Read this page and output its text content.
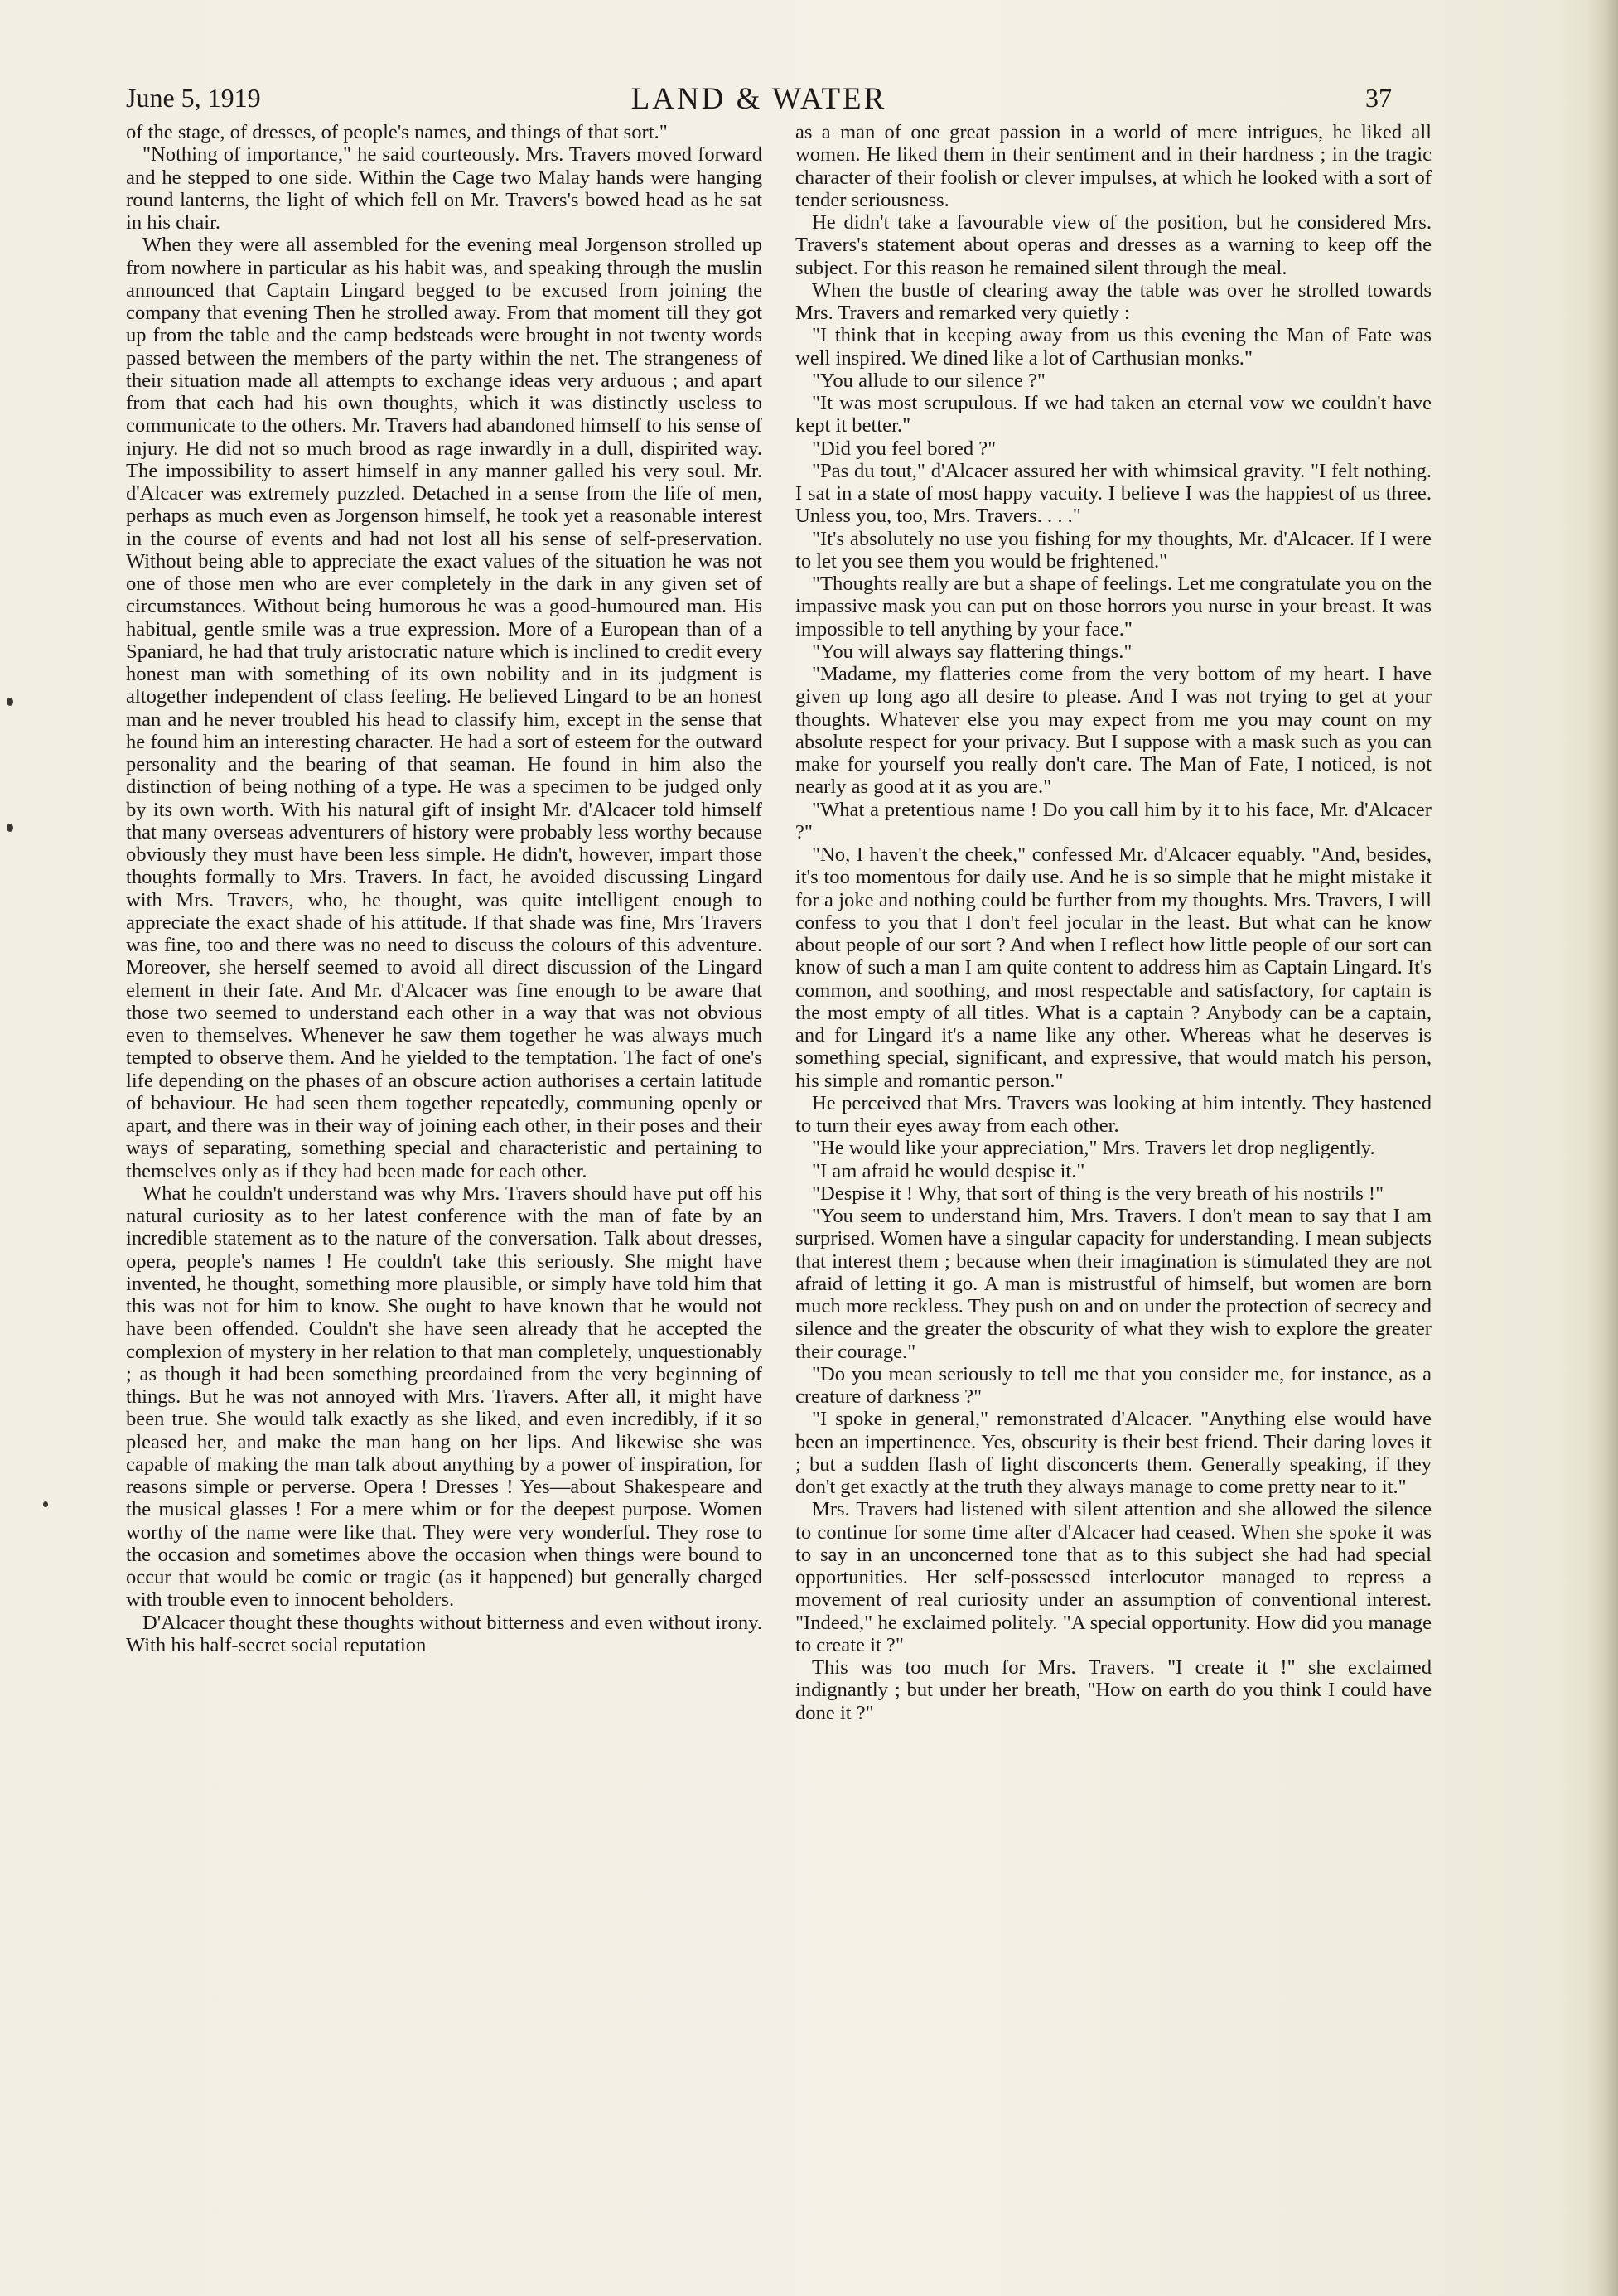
June 5, 1919	LAND & WATER	37

of the stage, of dresses, of people's names, and things of that sort."

"Nothing of importance," he said courteously. Mrs. Travers moved forward and he stepped to one side. Within the Cage two Malay hands were hanging round lanterns, the light of which fell on Mr. Travers's bowed head as he sat in his chair.

When they were all assembled for the evening meal Jorgenson strolled up from nowhere in particular as his habit was, and speaking through the muslin announced that Captain Lingard begged to be excused from joining the company that evening Then he strolled away. From that moment till they got up from the table and the camp bedsteads were brought in not twenty words passed between the members of the party within the net. The strangeness of their situation made all attempts to exchange ideas very arduous ; and apart from that each had his own thoughts, which it was distinctly useless to communicate to the others. Mr. Travers had abandoned himself to his sense of injury. He did not so much brood as rage inwardly in a dull, dispirited way. The impossibility to assert himself in any manner galled his very soul. Mr. d'Alcacer was extremely puzzled. Detached in a sense from the life of men, perhaps as much even as Jorgenson himself, he took yet a reasonable interest in the course of events and had not lost all his sense of self-preservation. Without being able to appreciate the exact values of the situation he was not one of those men who are ever completely in the dark in any given set of circumstances. Without being humorous he was a good-humoured man. His habitual, gentle smile was a true expression. More of a European than of a Spaniard, he had that truly aristocratic nature which is inclined to credit every honest man with something of its own nobility and in its judgment is altogether independent of class feeling. He believed Lingard to be an honest man and he never troubled his head to classify him, except in the sense that he found him an interesting character. He had a sort of esteem for the outward personality and the bearing of that seaman. He found in him also the distinction of being nothing of a type. He was a specimen to be judged only by its own worth. With his natural gift of insight Mr. d'Alcacer told himself that many overseas adventurers of history were probably less worthy because obviously they must have been less simple. He didn't, however, impart those thoughts formally to Mrs. Travers. In fact, he avoided discussing Lingard with Mrs. Travers, who, he thought, was quite intelligent enough to appreciate the exact shade of his attitude. If that shade was fine, Mrs Travers was fine, too and there was no need to discuss the colours of this adventure. Moreover, she herself seemed to avoid all direct discussion of the Lingard element in their fate. And Mr. d'Alcacer was fine enough to be aware that those two seemed to understand each other in a way that was not obvious even to themselves. Whenever he saw them together he was always much tempted to observe them. And he yielded to the temptation. The fact of one's life depending on the phases of an obscure action authorises a certain latitude of behaviour. He had seen them together repeatedly, communing openly or apart, and there was in their way of joining each other, in their poses and their ways of separating, something special and characteristic and pertaining to themselves only as if they had been made for each other.

What he couldn't understand was why Mrs. Travers should have put off his natural curiosity as to her latest conference with the man of fate by an incredible statement as to the nature of the conversation. Talk about dresses, opera, people's names ! He couldn't take this seriously. She might have invented, he thought, something more plausible, or simply have told him that this was not for him to know. She ought to have known that he would not have been offended. Couldn't she have seen already that he accepted the complexion of mystery in her relation to that man completely, unquestionably ; as though it had been something preordained from the very beginning of things. But he was not annoyed with Mrs. Travers. After all, it might have been true. She would talk exactly as she liked, and even incredibly, if it so pleased her, and make the man hang on her lips. And likewise she was capable of making the man talk about anything by a power of inspiration, for reasons simple or perverse. Opera ! Dresses ! Yes—about Shakespeare and the musical glasses ! For a mere whim or for the deepest purpose. Women worthy of the name were like that. They were very wonderful. They rose to the occasion and sometimes above the occasion when things were bound to occur that would be comic or tragic (as it happened) but generally charged with trouble even to innocent beholders.

D'Alcacer thought these thoughts without bitterness and even without irony. With his half-secret social reputation

as a man of one great passion in a world of mere intrigues, he liked all women. He liked them in their sentiment and in their hardness ; in the tragic character of their foolish or clever impulses, at which he looked with a sort of tender seriousness.

He didn't take a favourable view of the position, but he considered Mrs. Travers's statement about operas and dresses as a warning to keep off the subject. For this reason he remained silent through the meal.

When the bustle of clearing away the table was over he strolled towards Mrs. Travers and remarked very quietly :

"I think that in keeping away from us this evening the Man of Fate was well inspired. We dined like a lot of Carthusian monks."

"You allude to our silence ?"

"It was most scrupulous. If we had taken an eternal vow we couldn't have kept it better."

"Did you feel bored ?"

"Pas du tout," d'Alcacer assured her with whimsical gravity. "I felt nothing. I sat in a state of most happy vacuity. I believe I was the happiest of us three. Unless you, too, Mrs. Travers. . . ."

"It's absolutely no use you fishing for my thoughts, Mr. d'Alcacer. If I were to let you see them you would be frightened."

"Thoughts really are but a shape of feelings. Let me congratulate you on the impassive mask you can put on those horrors you nurse in your breast. It was impossible to tell anything by your face."

"You will always say flattering things."

"Madame, my flatteries come from the very bottom of my heart. I have given up long ago all desire to please. And I was not trying to get at your thoughts. Whatever else you may expect from me you may count on my absolute respect for your privacy. But I suppose with a mask such as you can make for yourself you really don't care. The Man of Fate, I noticed, is not nearly as good at it as you are."

"What a pretentious name ! Do you call him by it to his face, Mr. d'Alcacer ?"

"No, I haven't the cheek," confessed Mr. d'Alcacer equably. "And, besides, it's too momentous for daily use. And he is so simple that he might mistake it for a joke and nothing could be further from my thoughts. Mrs. Travers, I will confess to you that I don't feel jocular in the least. But what can he know about people of our sort ? And when I reflect how little people of our sort can know of such a man I am quite content to address him as Captain Lingard. It's common, and soothing, and most respectable and satisfactory, for captain is the most empty of all titles. What is a captain ? Anybody can be a captain, and for Lingard it's a name like any other. Whereas what he deserves is something special, significant, and expressive, that would match his person, his simple and romantic person."

He perceived that Mrs. Travers was looking at him intently. They hastened to turn their eyes away from each other.

"He would like your appreciation," Mrs. Travers let drop negligently.

"I am afraid he would despise it."

"Despise it ! Why, that sort of thing is the very breath of his nostrils !"

"You seem to understand him, Mrs. Travers. I don't mean to say that I am surprised. Women have a singular capacity for understanding. I mean subjects that interest them ; because when their imagination is stimulated they are not afraid of letting it go. A man is mistrustful of himself, but women are born much more reckless. They push on and on under the protection of secrecy and silence and the greater the obscurity of what they wish to explore the greater their courage."

"Do you mean seriously to tell me that you consider me, for instance, as a creature of darkness ?"

"I spoke in general," remonstrated d'Alcacer. "Anything else would have been an impertinence. Yes, obscurity is their best friend. Their daring loves it ; but a sudden flash of light disconcerts them. Generally speaking, if they don't get exactly at the truth they always manage to come pretty near to it."

Mrs. Travers had listened with silent attention and she allowed the silence to continue for some time after d'Alcacer had ceased. When she spoke it was to say in an unconcerned tone that as to this subject she had had special opportunities. Her self-possessed interlocutor managed to repress a movement of real curiosity under an assumption of conventional interest. "Indeed," he exclaimed politely. "A special opportunity. How did you manage to create it ?"

This was too much for Mrs. Travers. "I create it !" she exclaimed indignantly ; but under her breath, "How on earth do you think I could have done it ?"
